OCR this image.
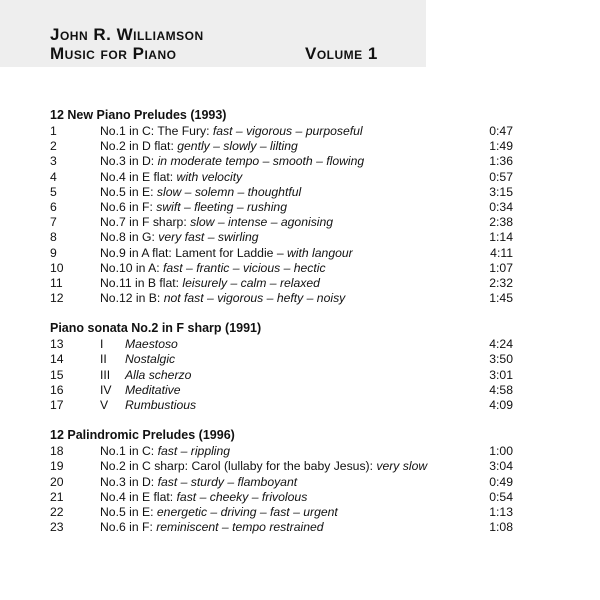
John R. Williamson
Music for Piano	Volume 1
12 New Piano Preludes (1993)
1	No.1 in C: The Fury: fast – vigorous – purposeful	0:47
2	No.2 in D flat: gently – slowly – lilting	1:49
3	No.3 in D: in moderate tempo – smooth – flowing	1:36
4	No.4 in E flat: with velocity	0:57
5	No.5 in E: slow – solemn – thoughtful	3:15
6	No.6 in F: swift – fleeting – rushing	0:34
7	No.7 in F sharp: slow – intense – agonising	2:38
8	No.8 in G: very fast – swirling	1:14
9	No.9 in A flat: Lament for Laddie – with langour	4:11
10	No.10 in A: fast – frantic – vicious – hectic	1:07
11	No.11 in B flat: leisurely – calm – relaxed	2:32
12	No.12 in B: not fast – vigorous – hefty – noisy	1:45
Piano sonata No.2 in F sharp (1991)
13	I Maestoso	4:24
14	II Nostalgic	3:50
15	III Alla scherzo	3:01
16	IV Meditative	4:58
17	V Rumbustious	4:09
12 Palindromic Preludes (1996)
18	No.1 in C: fast – rippling	1:00
19	No.2 in C sharp: Carol (lullaby for the baby Jesus): very slow	3:04
20	No.3 in D: fast – sturdy – flamboyant	0:49
21	No.4 in E flat: fast – cheeky – frivolous	0:54
22	No.5 in E: energetic – driving – fast – urgent	1:13
23	No.6 in F: reminiscent – tempo restrained	1:08
